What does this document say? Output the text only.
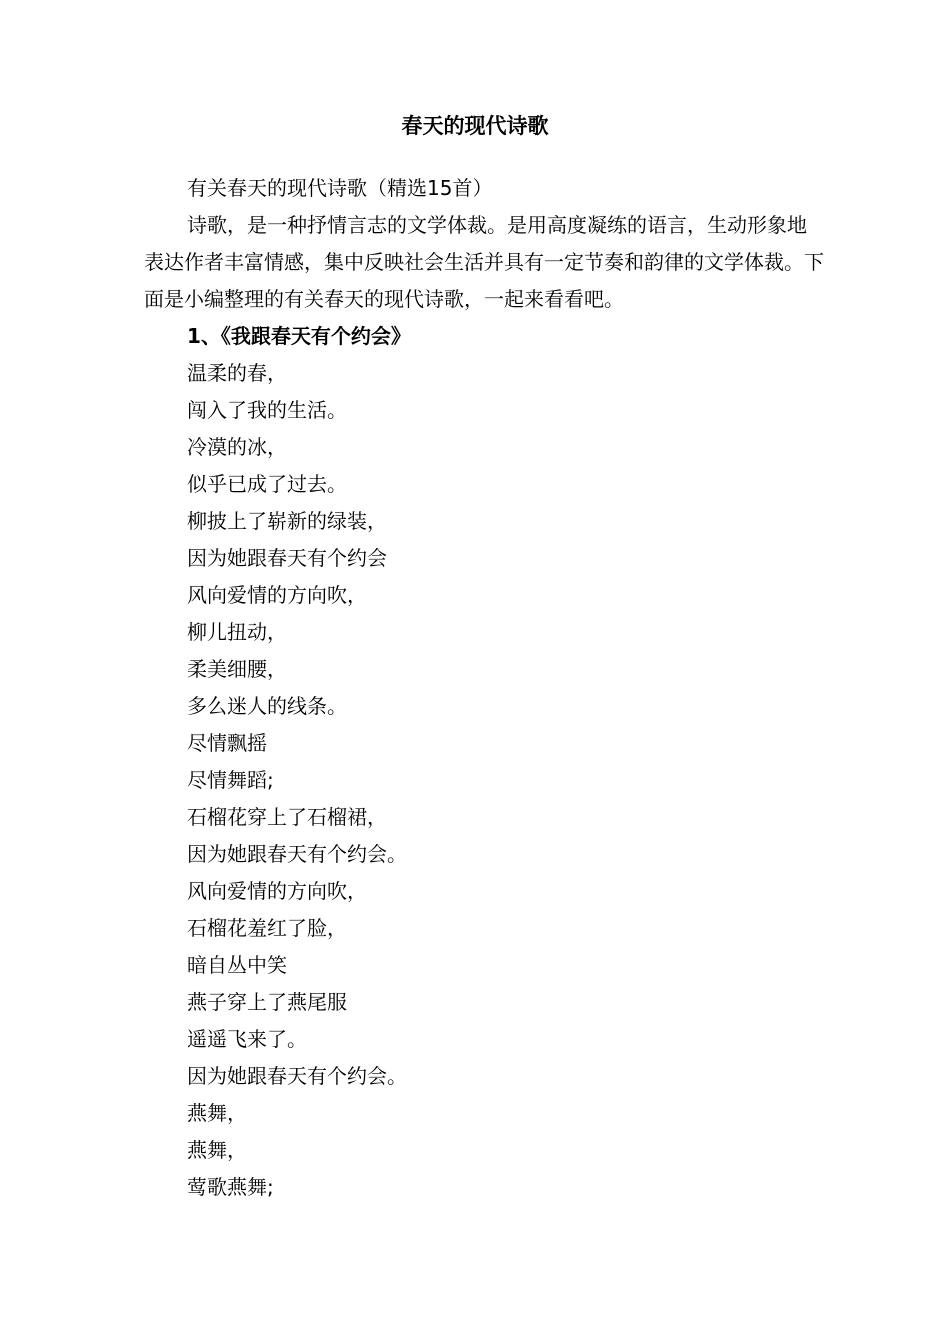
春天的现代诗歌

有关春天的现代诗歌（精选15首）

诗歌，是一种抒情言志的文学体裁。是用高度凝练的语言，生动形象地表达作者丰富情感，集中反映社会生活并具有一定节奏和韵律的文学体裁。下面是小编整理的有关春天的现代诗歌，一起来看看吧。

1、《我跟春天有个约会》

温柔的春，

闯入了我的生活。

冷漠的冰，

似乎已成了过去。

柳披上了崭新的绿装，

因为她跟春天有个约会

风向爱情的方向吹，

柳儿扭动，

柔美细腰，

多么迷人的线条。

尽情飘摇

尽情舞蹈;

石榴花穿上了石榴裙，

因为她跟春天有个约会。

风向爱情的方向吹，

石榴花羞红了脸，

暗自丛中笑

燕子穿上了燕尾服

遥遥飞来了。

因为她跟春天有个约会。

燕舞，

燕舞，

莺歌燕舞;
